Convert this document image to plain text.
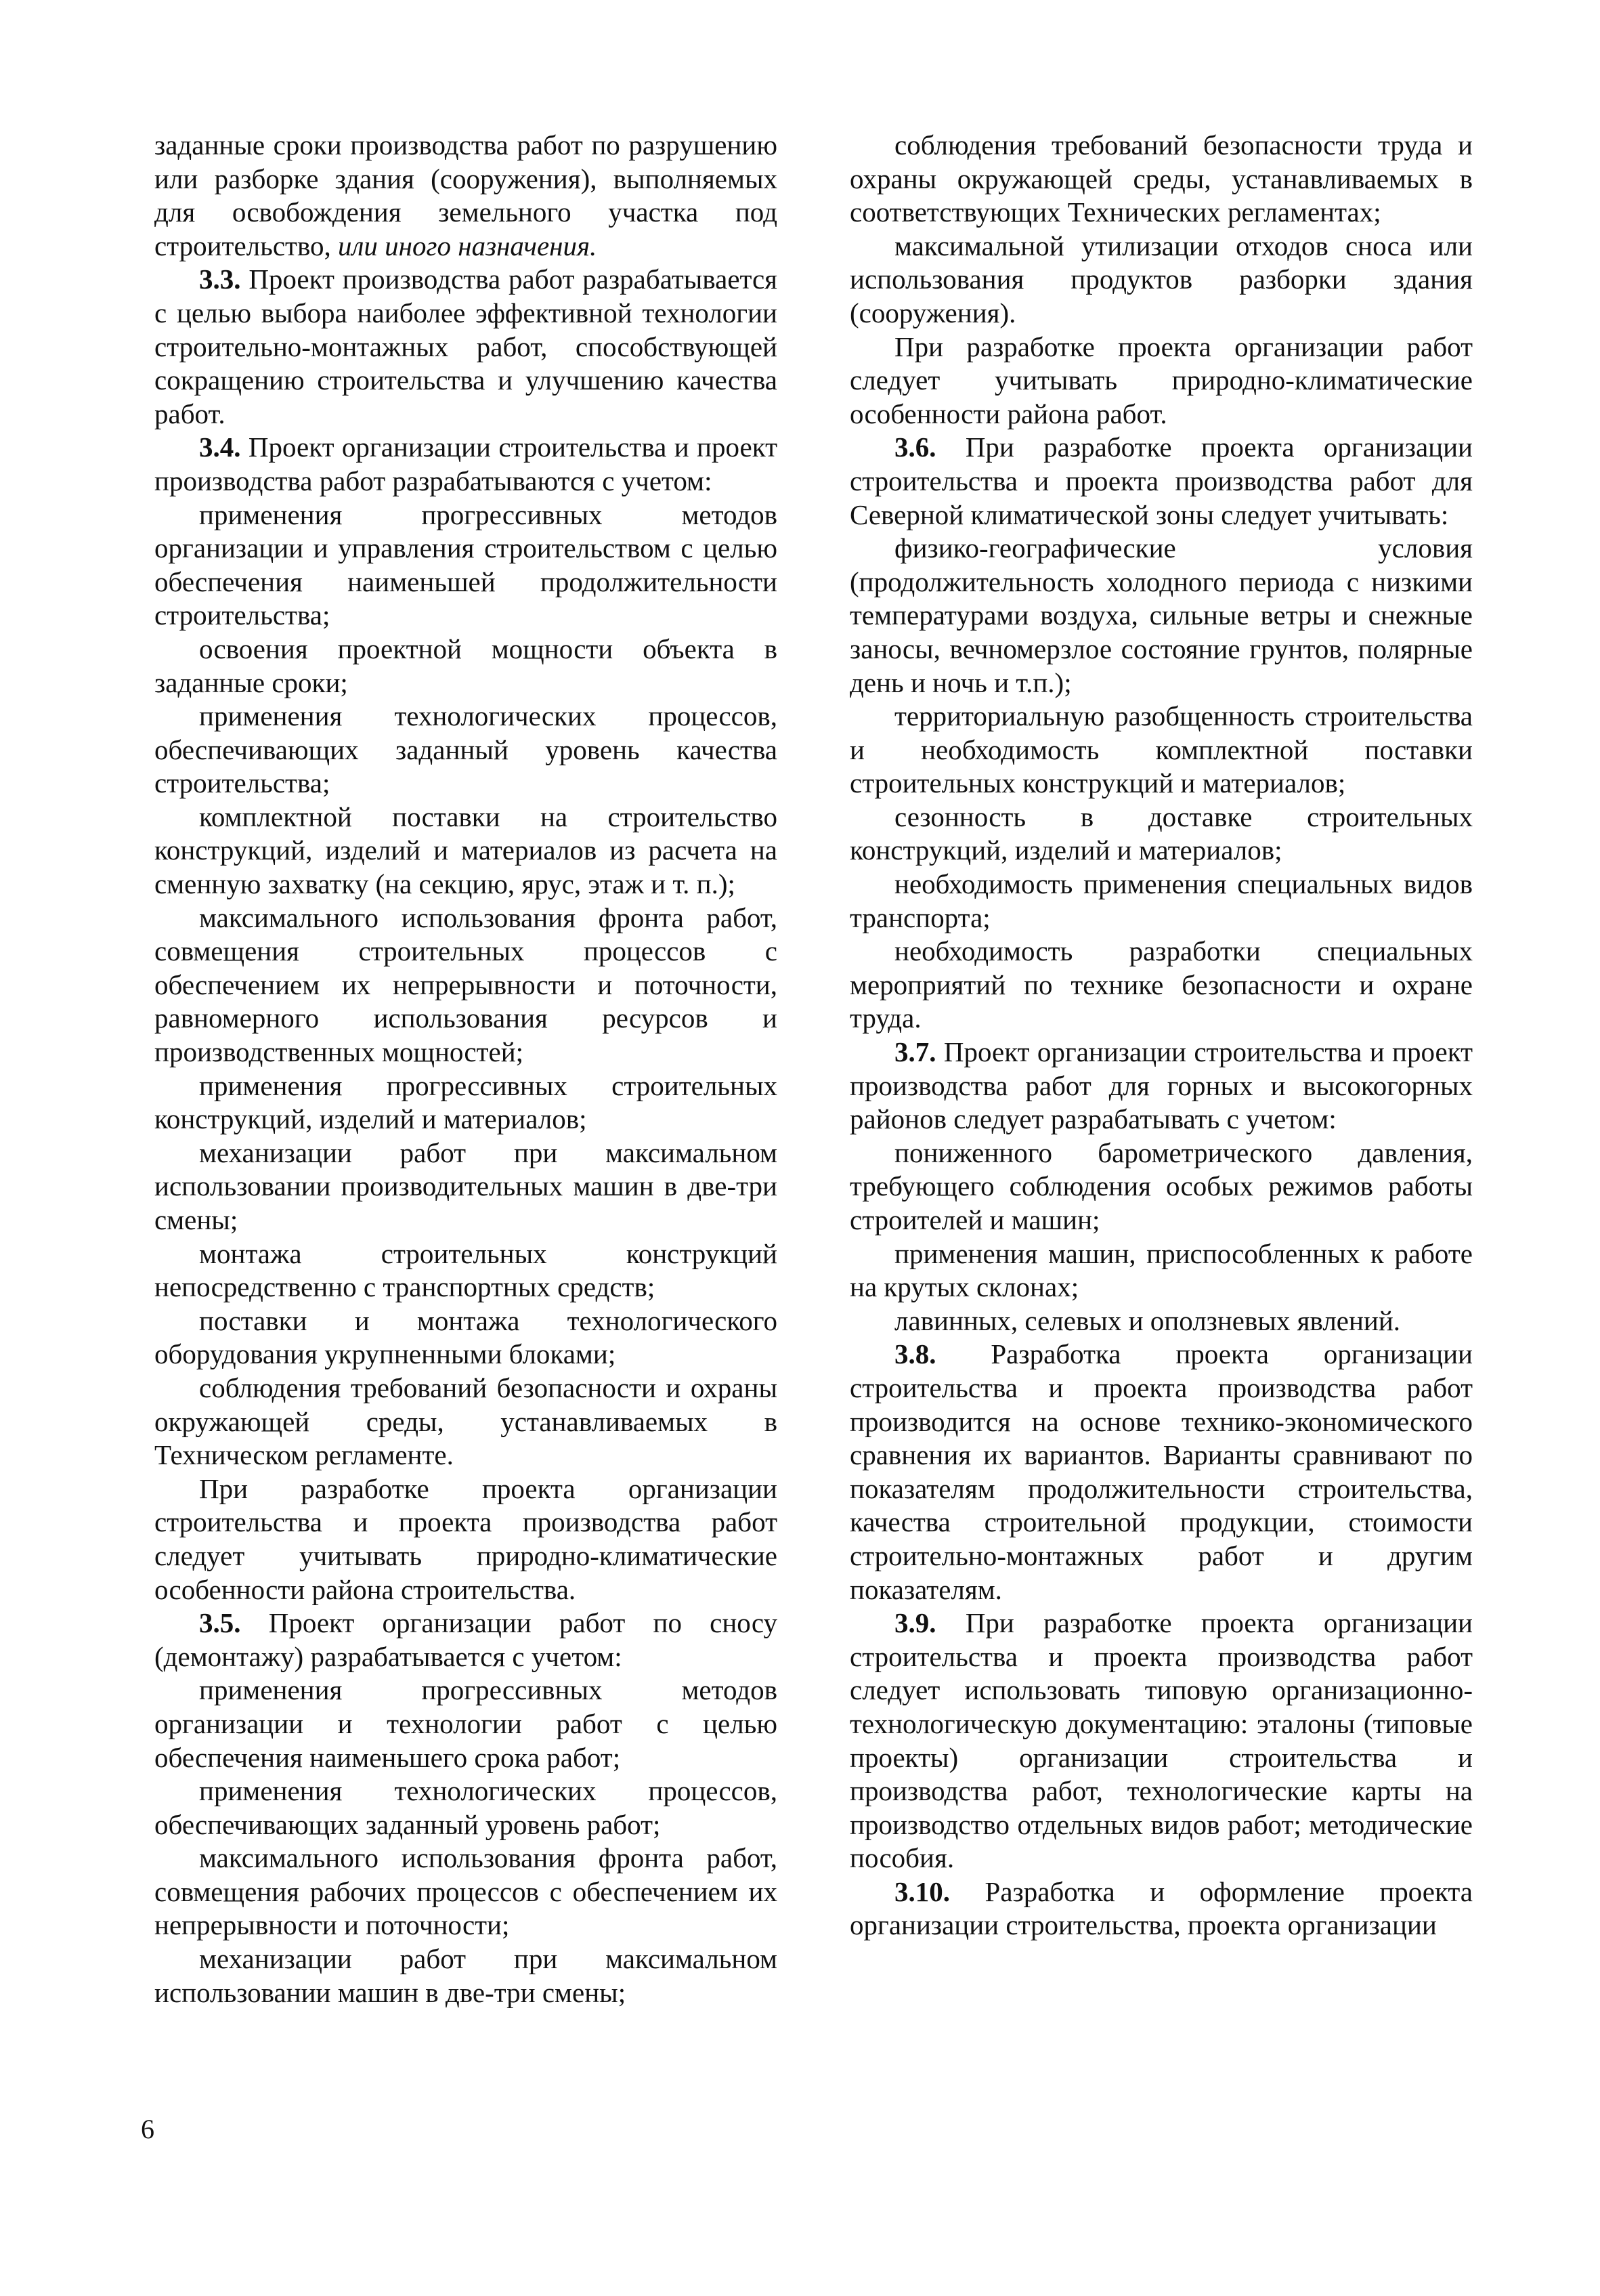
заданные сроки производства работ по разрушению или разборке здания (сооружения), выполняемых для освобождения земельного участка под строительство, или иного назначения.

3.3. Проект производства работ разрабатывается с целью выбора наиболее эффективной технологии строительно-монтажных работ, способствующей сокращению строительства и улучшению качества работ.

3.4. Проект организации строительства и проект производства работ разрабатываются с учетом:

применения прогрессивных методов организации и управления строительством с целью обеспечения наименьшей продолжительности строительства;

освоения проектной мощности объекта в заданные сроки;

применения технологических процессов, обеспечивающих заданный уровень качества строительства;

комплектной поставки на строительство конструкций, изделий и материалов из расчета на сменную захватку (на секцию, ярус, этаж и т. п.);

максимального использования фронта работ, совмещения строительных процессов с обеспечением их непрерывности и поточности, равномерного использования ресурсов и производственных мощностей;

применения прогрессивных строительных конструкций, изделий и материалов;

механизации работ при максимальном использовании производительных машин в две-три смены;

монтажа строительных конструкций непосредственно с транспортных средств;

поставки и монтажа технологического оборудования укрупненными блоками;

соблюдения требований безопасности и охраны окружающей среды, устанавливаемых в Техническом регламенте.

При разработке проекта организации строительства и проекта производства работ следует учитывать природно-климатические особенности района строительства.

3.5. Проект организации работ по сносу (демонтажу) разрабатывается с учетом:

применения прогрессивных методов организации и технологии работ с целью обеспечения наименьшего срока работ;

применения технологических процессов, обеспечивающих заданный уровень работ;

максимального использования фронта работ, совмещения рабочих процессов с обеспечением их непрерывности и поточности;

механизации работ при максимальном использовании машин в две-три смены;

соблюдения требований безопасности труда и охраны окружающей среды, устанавливаемых в соответствующих Технических регламентах;

максимальной утилизации отходов сноса или использования продуктов разборки здания (сооружения).

При разработке проекта организации работ следует учитывать природно-климатические особенности района работ.

3.6. При разработке проекта организации строительства и проекта производства работ для Северной климатической зоны следует учитывать:

физико-географические условия (продолжительность холодного периода с низкими температурами воздуха, сильные ветры и снежные заносы, вечномерзлое состояние грунтов, полярные день и ночь и т.п.);

территориальную разобщенность строительства и необходимость комплектной поставки строительных конструкций и материалов;

сезонность в доставке строительных конструкций, изделий и материалов;

необходимость применения специальных видов транспорта;

необходимость разработки специальных мероприятий по технике безопасности и охране труда.

3.7. Проект организации строительства и проект производства работ для горных и высокогорных районов следует разрабатывать с учетом:

пониженного барометрического давления, требующего соблюдения особых режимов работы строителей и машин;

применения машин, приспособленных к работе на крутых склонах;

лавинных, селевых и оползневых явлений.

3.8. Разработка проекта организации строительства и проекта производства работ производится на основе технико-экономического сравнения их вариантов. Варианты сравнивают по показателям продолжительности строительства, качества строительной продукции, стоимости строительно-монтажных работ и другим показателям.

3.9. При разработке проекта организации строительства и проекта производства работ следует использовать типовую организационно-технологическую документацию: эталоны (типовые проекты) организации строительства и производства работ, технологические карты на производство отдельных видов работ; методические пособия.

3.10. Разработка и оформление проекта организации строительства, проекта организации

6
